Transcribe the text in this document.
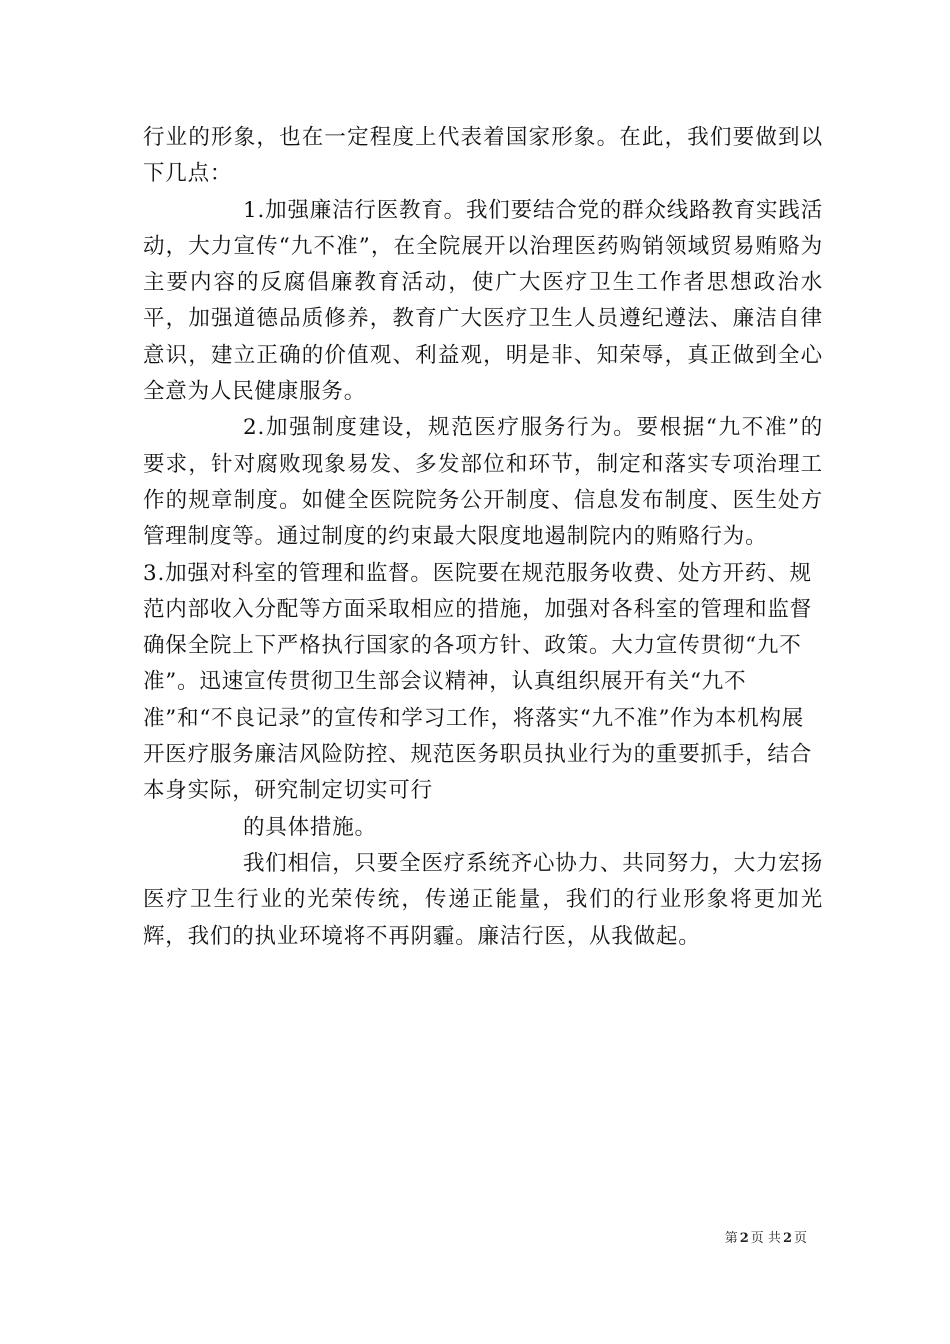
行业的形象，也在一定程度上代表着国家形象。在此，我们要做到以下几点：

1.加强廉洁行医教育。我们要结合党的群众线路教育实践活动，大力宣传“九不准”，在全院展开以治理医药购销领域贸易贿赂为主要内容的反腐倡廉教育活动，使广大医疗卫生工作者思想政治水平，加强道德品质修养，教育广大医疗卫生人员遵纪遵法、廉洁自律意识，建立正确的价值观、利益观，明是非、知荣辱，真正做到全心全意为人民健康服务。

2.加强制度建设，规范医疗服务行为。要根据“九不准”的要求，针对腐败现象易发、多发部位和环节，制定和落实专项治理工作的规章制度。如健全医院院务公开制度、信息发布制度、医生处方管理制度等。通过制度的约束最大限度地遏制院内的贿赂行为。

3.加强对科室的管理和监督。医院要在规范服务收费、处方开药、规范内部收入分配等方面采取相应的措施，加强对各科室的管理和监督确保全院上下严格执行国家的各项方针、政策。大力宣传贯彻“九不准”。迅速宣传贯彻卫生部会议精神，认真组织展开有关“九不准”和“不良记录”的宣传和学习工作，将落实“九不准”作为本机构展开医疗服务廉洁风险防控、规范医务职员执业行为的重要抓手，结合本身实际，研究制定切实可行

的具体措施。

我们相信，只要全医疗系统齐心协力、共同努力，大力宏扬医疗卫生行业的光荣传统，传递正能量，我们的行业形象将更加光辉，我们的执业环境将不再阴霾。廉洁行医，从我做起。

第 2 页 共 2 页
